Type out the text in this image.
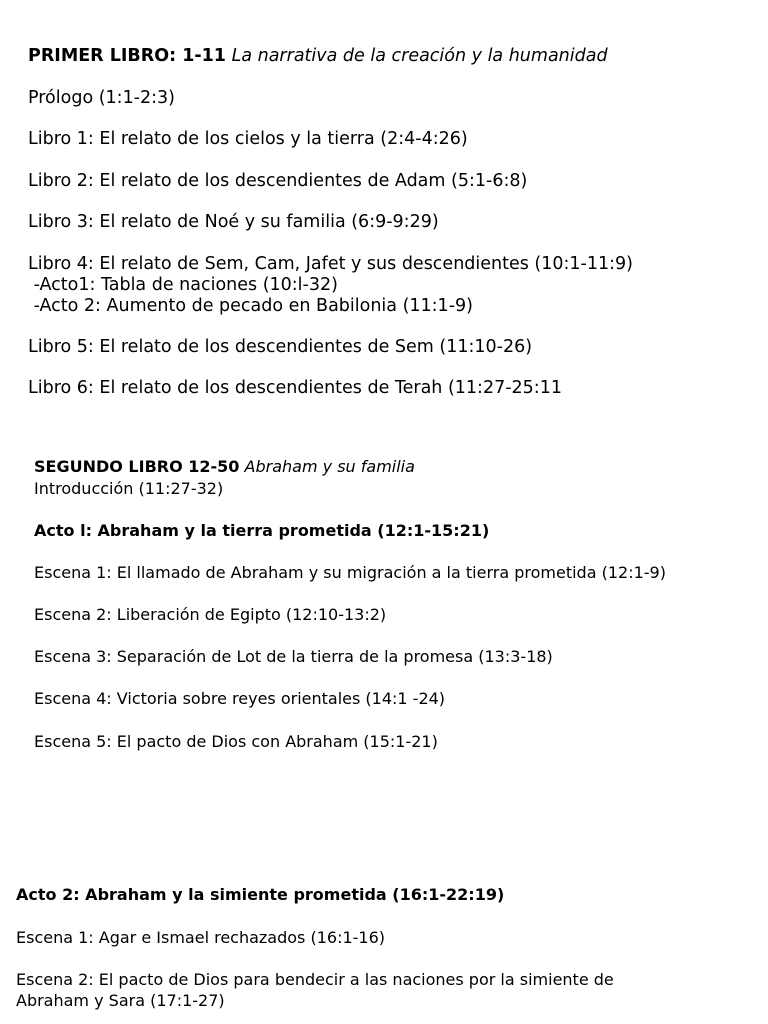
PRIMER LIBRO: 1-11 La narrativa de la creación y la humanidad
Prólogo (1:1-2:3)
Libro 1: El relato de los cielos y la tierra (2:4-4:26)
Libro 2: El relato de los descendientes de Adam (5:1-6:8)
Libro 3: El relato de Noé y su familia (6:9-9:29)
Libro 4: El relato de Sem, Cam, Jafet y sus descendientes (10:1-11:9)
-Acto1: Tabla de naciones (10:l-32)
-Acto 2: Aumento de pecado en Babilonia (11:1-9)
Libro 5: El relato de los descendientes de Sem (11:10-26)
Libro 6: El relato de los descendientes de Terah (11:27-25:11
SEGUNDO LIBRO 12-50 Abraham y su familia
Introducción (11:27-32)
Acto l: Abraham y la tierra prometida (12:1-15:21)
Escena 1: El llamado de Abraham y su migración a la tierra prometida (12:1-9)
Escena 2: Liberación de Egipto (12:10-13:2)
Escena 3: Separación de Lot de la tierra de la promesa (13:3-18)
Escena 4: Victoria sobre reyes orientales (14:1 -24)
Escena 5: El pacto de Dios con Abraham (15:1-21)
Acto 2: Abraham y la simiente prometida (16:1-22:19)
Escena 1: Agar e Ismael rechazados (16:1-16)
Escena 2: El pacto de Dios para bendecir a las naciones por la simiente de
Abraham y Sara (17:1-27)
